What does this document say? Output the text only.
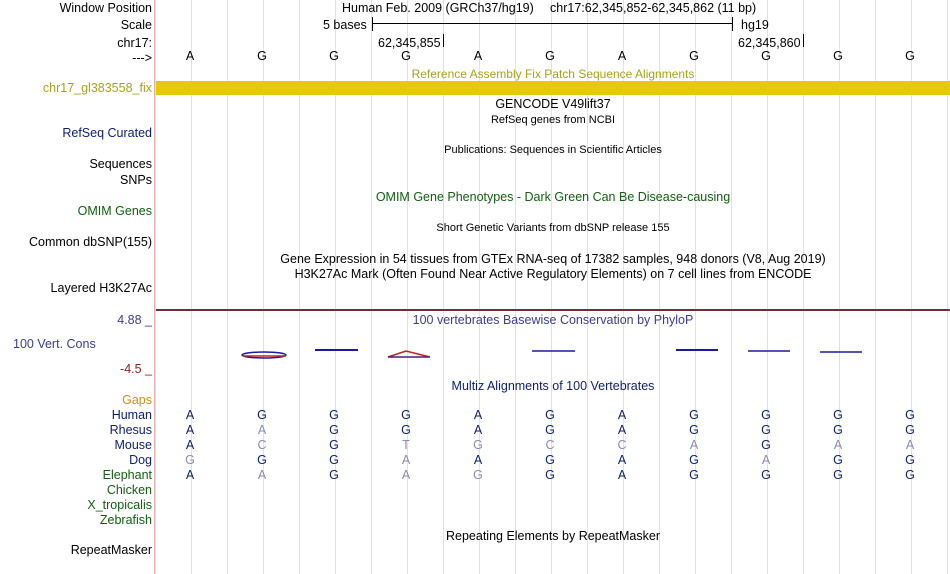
Window Position
Scale
chr17:
--->
Human Feb. 2009 (GRCh37/hg19) chr17:62,345,852-62,345,862 (11 bp)
5 bases	hg19
62,345,855	62,345,860
A	G	G	G	A	G	A	G	G	G	G
Reference Assembly Fix Patch Sequence Alignments
chr17_gl383558_fix
GENCODE V49lift37
RefSeq genes from NCBI
RefSeq Curated
Sequences
Publications: Sequences in Scientific Articles
SNPs
OMIM Gene Phenotypes - Dark Green Can Be Disease-causing
OMIM Genes
Short Genetic Variants from dbSNP release 155
Common dbSNP(155)
Gene Expression in 54 tissues from GTEx RNA-seq of 17382 samples, 948 donors (V8, Aug 2019)
H3K27Ac Mark (Often Found Near Active Regulatory Elements) on 7 cell lines from ENCODE
Layered H3K27Ac
4.88 _	100 vertebrates Basewise Conservation by PhyloP
100 Vert. Cons
-4.5 _
Multiz Alignments of 100 Vertebrates
Gaps
Human	A	G	G	G	A	G	A	G	G	G	G
Rhesus	A	A	G	G	A	G	A	G	G	G	G
Mouse	A	C	G	T	G	C	C	A	G	A	A
Dog	G	G	G	A	A	G	A	G	A	G	G
Elephant	A	A	G	A	G	G	A	G	G	G	G
Chicken
X_tropicalis
Zebrafish
Repeating Elements by RepeatMasker
RepeatMasker
